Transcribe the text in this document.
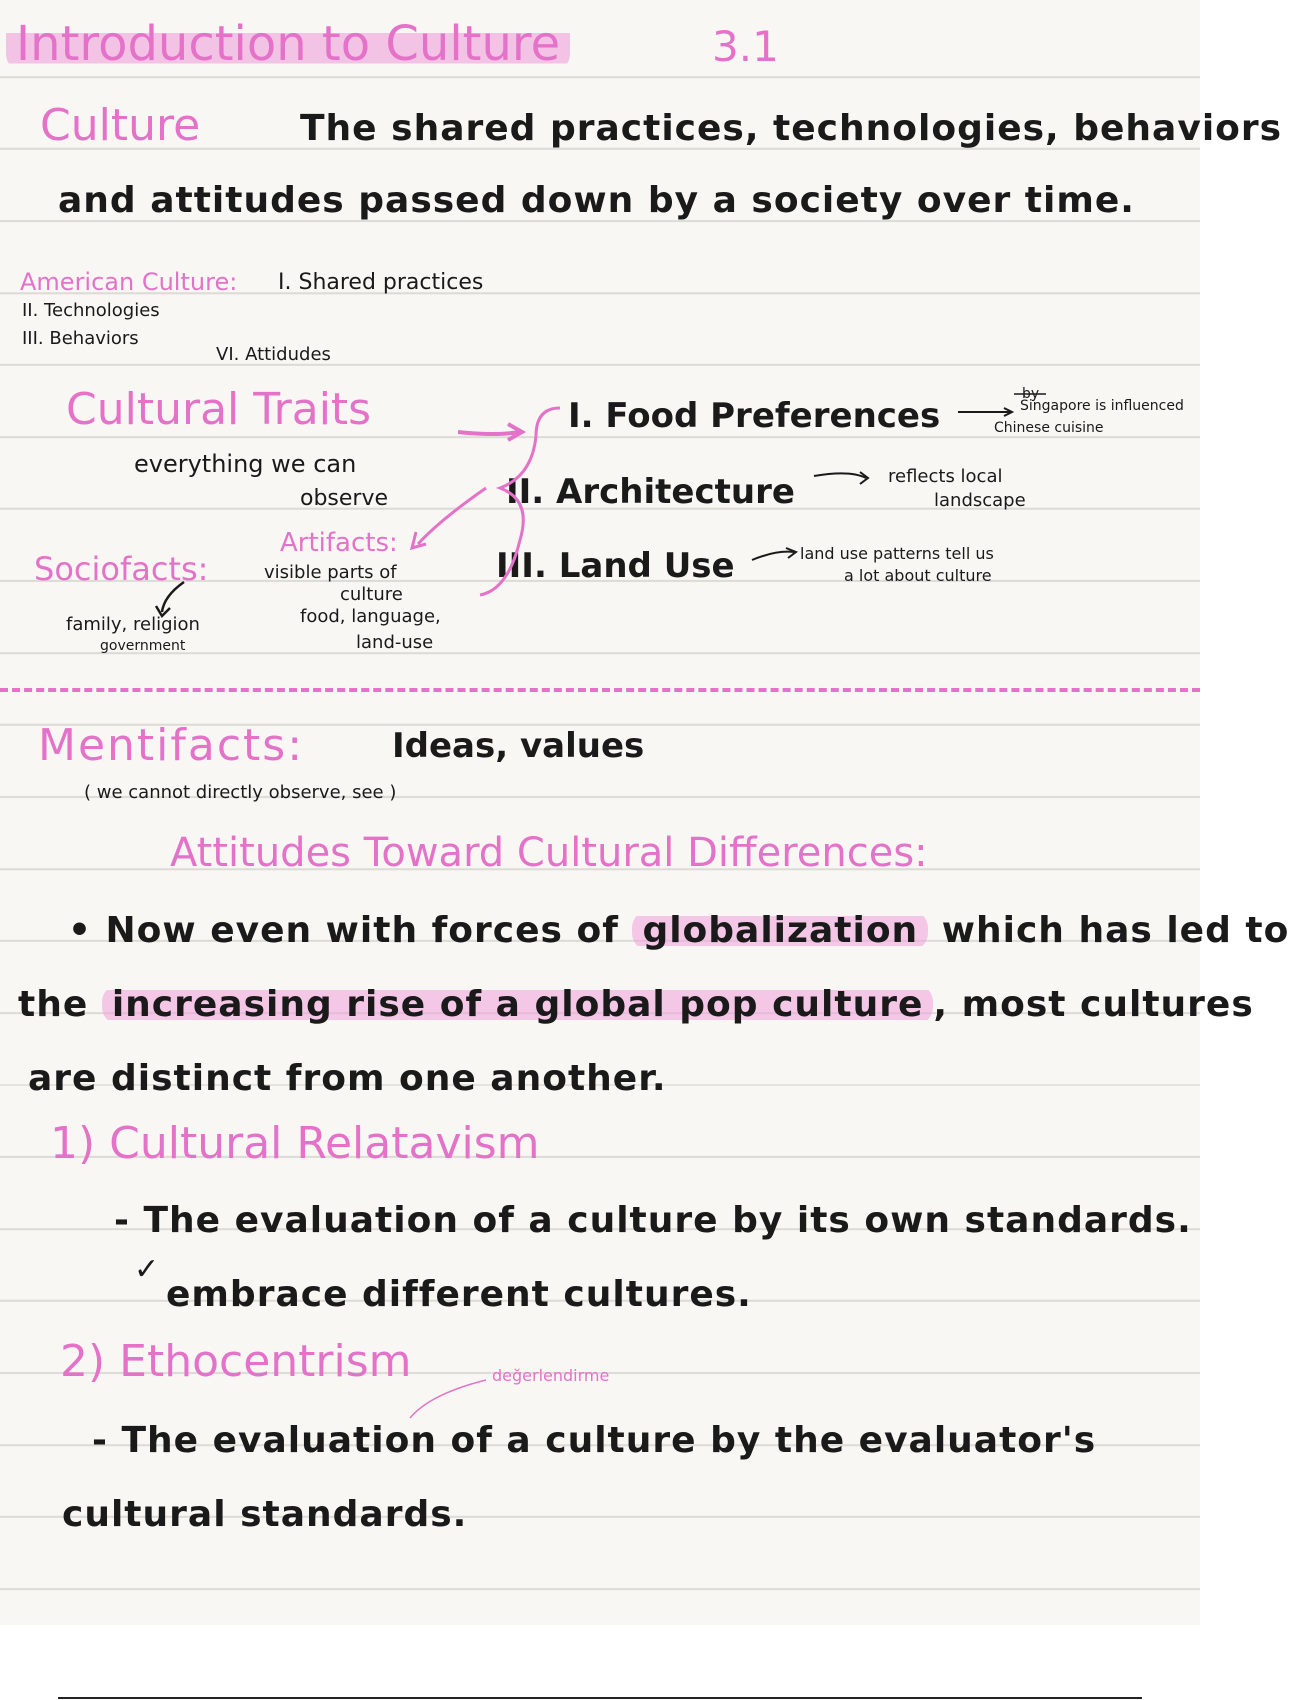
Introduction to Culture	3.1
Culture	The shared practices, technologies, behaviors
and attitudes passed down by a society over time.
American Culture: I. Shared practices
II. Technologies
III. Behaviors
VI. Attidudes
Cultural Traits
everything we can
observe
I. Food Preferences
by
Singapore is influenced
Chinese cuisine
II. Architecture	reflects local
landscape
III. Land Use	land use patterns tell us
a lot about culture
Artifacts:
visible parts of
culture
food, language,
land-use
Sociofacts:
family, religion
government
Mentifacts:	Ideas, values
( we cannot directly observe, see )
Attitudes Toward Cultural Differences:
• Now even with forces of globalization which has led to
the increasing rise of a global pop culture , most cultures
are distinct from one another.
1) Cultural Relatavism
- The evaluation of a culture by its own standards.
✓
embrace different cultures.
2) Ethocentrism	değerlendirme
- The evaluation of a culture by the evaluator's
cultural standards.
